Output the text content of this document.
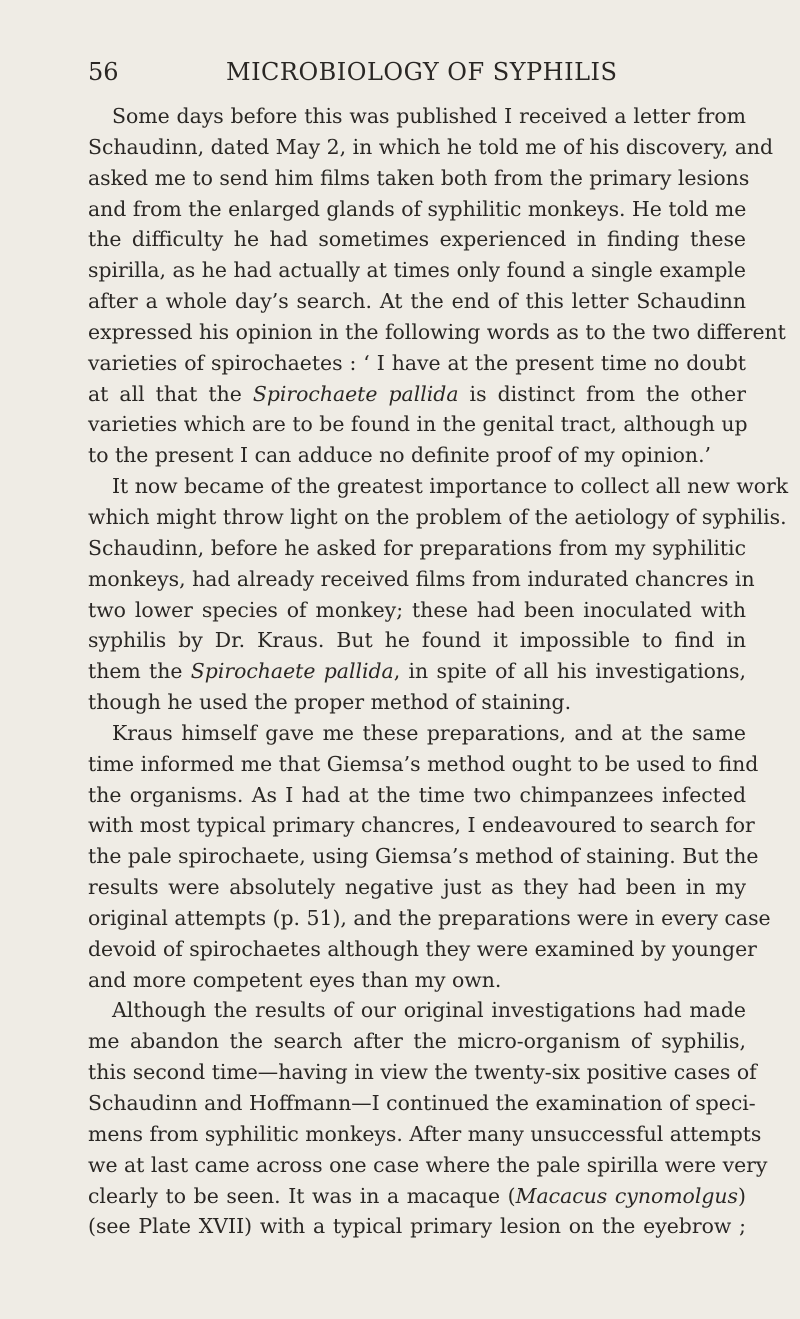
56	MICROBIOLOGY OF SYPHILIS
Some days before this was published I received a letter from
Schaudinn, dated May 2, in which he told me of his discovery, and
asked me to send him films taken both from the primary lesions
and from the enlarged glands of syphilitic monkeys. He told me
the difficulty he had sometimes experienced in finding these
spirilla, as he had actually at times only found a single example
after a whole day’s search. At the end of this letter Schaudinn
expressed his opinion in the following words as to the two different
varieties of spirochaetes : ‘ I have at the present time no doubt
at all that the Spirochaete pallida is distinct from the other
varieties which are to be found in the genital tract, although up
to the present I can adduce no definite proof of my opinion.’
It now became of the greatest importance to collect all new work
which might throw light on the problem of the aetiology of syphilis.
Schaudinn, before he asked for preparations from my syphilitic
monkeys, had already received films from indurated chancres in
two lower species of monkey; these had been inoculated with
syphilis by Dr. Kraus. But he found it impossible to find in
them the Spirochaete pallida, in spite of all his investigations,
though he used the proper method of staining.
Kraus himself gave me these preparations, and at the same
time informed me that Giemsa’s method ought to be used to find
the organisms. As I had at the time two chimpanzees infected
with most typical primary chancres, I endeavoured to search for
the pale spirochaete, using Giemsa’s method of staining. But the
results were absolutely negative just as they had been in my
original attempts (p. 51), and the preparations were in every case
devoid of spirochaetes although they were examined by younger
and more competent eyes than my own.
Although the results of our original investigations had made
me abandon the search after the micro-organism of syphilis,
this second time—having in view the twenty-six positive cases of
Schaudinn and Hoffmann—I continued the examination of speci-
mens from syphilitic monkeys. After many unsuccessful attempts
we at last came across one case where the pale spirilla were very
clearly to be seen. It was in a macaque (Macacus cynomolgus)
(see Plate XVII) with a typical primary lesion on the eyebrow ;
